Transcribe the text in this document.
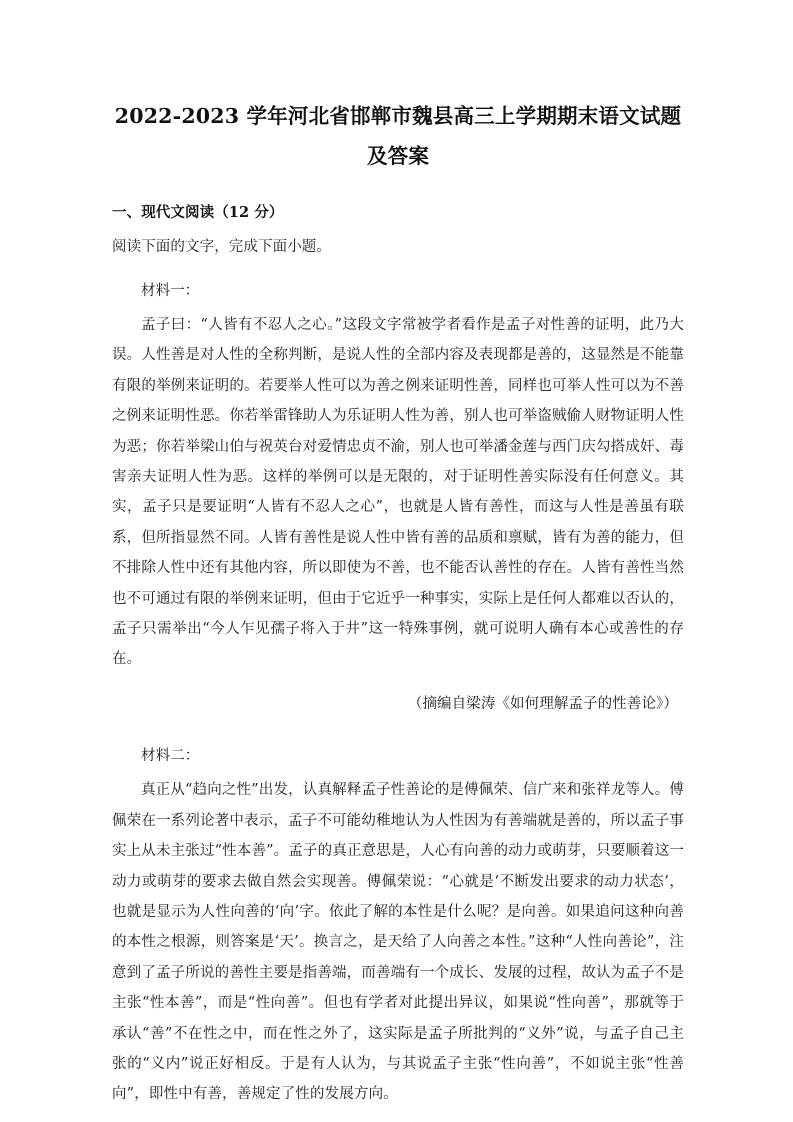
2022-2023 学年河北省邯郸市魏县高三上学期期末语文试题
及答案
一、现代文阅读（12 分）
阅读下面的文字，完成下面小题。
材料一：

孟子曰：“人皆有不忍人之心。”这段文字常被学者看作是孟子对性善的证明，此乃大误。人性善是对人性的全称判断，是说人性的全部内容及表现都是善的，这显然是不能靠有限的举例来证明的。若要举人性可以为善之例来证明性善，同样也可举人性可以为不善之例来证明性恶。你若举雷锋助人为乐证明人性为善，别人也可举盗贼偷人财物证明人性为恶；你若举梁山伯与祝英台对爱情忠贞不渝，别人也可举潘金莲与西门庆勾搭成奸、毒害亲夫证明人性为恶。这样的举例可以是无限的，对于证明性善实际没有任何意义。其实，孟子只是要证明“人皆有不忍人之心”，也就是人皆有善性，而这与人性是善虽有联系，但所指显然不同。人皆有善性是说人性中皆有善的品质和禀赋，皆有为善的能力，但不排除人性中还有其他内容，所以即使为不善，也不能否认善性的存在。人皆有善性当然也不可通过有限的举例来证明，但由于它近乎一种事实，实际上是任何人都难以否认的，孟子只需举出“今人乍见孺子将入于井”这一特殊事例，就可说明人确有本心或善性的存在。

（摘编自梁涛《如何理解孟子的性善论》）
材料二：

真正从“趋向之性”出发，认真解释孟子性善论的是傅佩荣、信广来和张祥龙等人。傅佩荣在一系列论著中表示，孟子不可能幼稚地认为人性因为有善端就是善的，所以孟子事实上从未主张过“性本善”。孟子的真正意思是，人心有向善的动力或萌芽，只要顺着这一动力或萌芽的要求去做自然会实现善。傅佩荣说：“心就是‘不断发出要求的动力状态’，也就是显示为人性向善的‘向’字。依此了解的本性是什么呢？是向善。如果追问这种向善的本性之根源，则答案是‘天’。换言之，是天给了人向善之本性。”这种“人性向善论”，注意到了孟子所说的善性主要是指善端，而善端有一个成长、发展的过程，故认为孟子不是主张“性本善”，而是“性向善”。但也有学者对此提出异议，如果说“性向善”，那就等于承认“善”不在性之中，而在性之外了，这实际是孟子所批判的“义外”说，与孟子自己主张的“义内”说正好相反。于是有人认为，与其说孟子主张“性向善”，不如说主张“性善向”，即性中有善，善规定了性的发展方向。
